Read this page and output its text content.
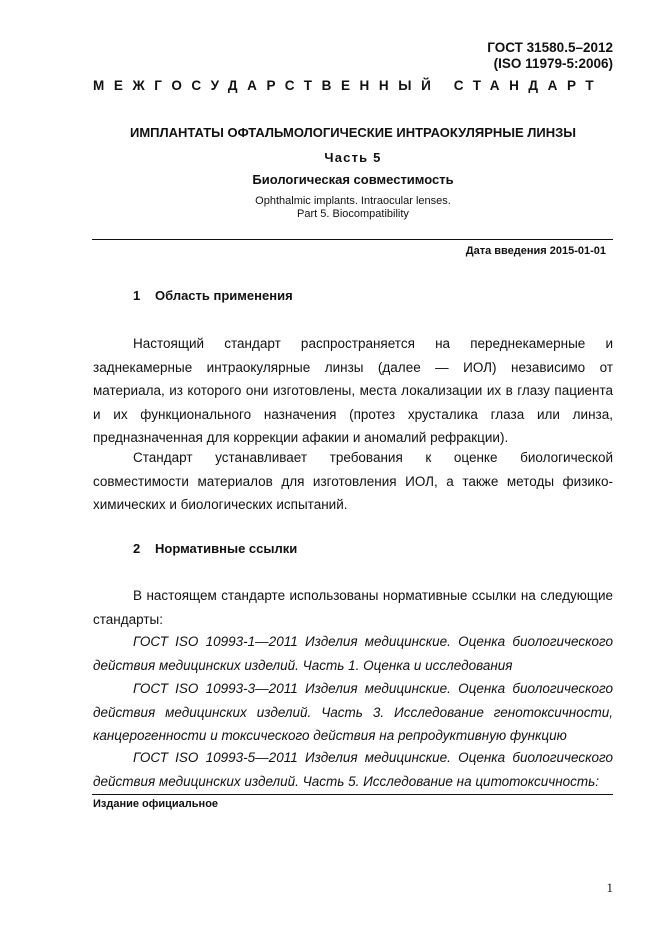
ГОСТ 31580.5–2012
(ISO 11979-5:2006)
МЕЖГОСУДАРСТВЕННЫЙ СТАНДАРТ
ИМПЛАНТАТЫ ОФТАЛЬМОЛОГИЧЕСКИЕ ИНТРАОКУЛЯРНЫЕ ЛИНЗЫ
Часть 5
Биологическая совместимость
Ophthalmic implants. Intraocular lenses.
Part 5. Biocompatibility
Дата введения 2015-01-01
1 Область применения

Настоящий стандарт распространяется на переднекамерные и заднекамерные интраокулярные линзы (далее — ИОЛ) независимо от материала, из которого они изготовлены, места локализации их в глазу пациента и их функционального назначения (протез хрусталика глаза или линза, предназначенная для коррекции афакии и аномалий рефракции).

Стандарт устанавливает требования к оценке биологической совместимости материалов для изготовления ИОЛ, а также методы физико-химических и биологических испытаний.

2 Нормативные ссылки

В настоящем стандарте использованы нормативные ссылки на следующие стандарты:

ГОСТ ISO 10993-1—2011 Изделия медицинские. Оценка биологического действия медицинских изделий. Часть 1. Оценка и исследования

ГОСТ ISO 10993-3—2011 Изделия медицинские. Оценка биологического действия медицинских изделий. Часть 3. Исследование генотоксичности, канцерогенности и токсического действия на репродуктивную функцию

ГОСТ ISO 10993-5—2011 Изделия медицинские. Оценка биологического действия медицинских изделий. Часть 5. Исследование на цитотоксичность:

Издание официальное
1
